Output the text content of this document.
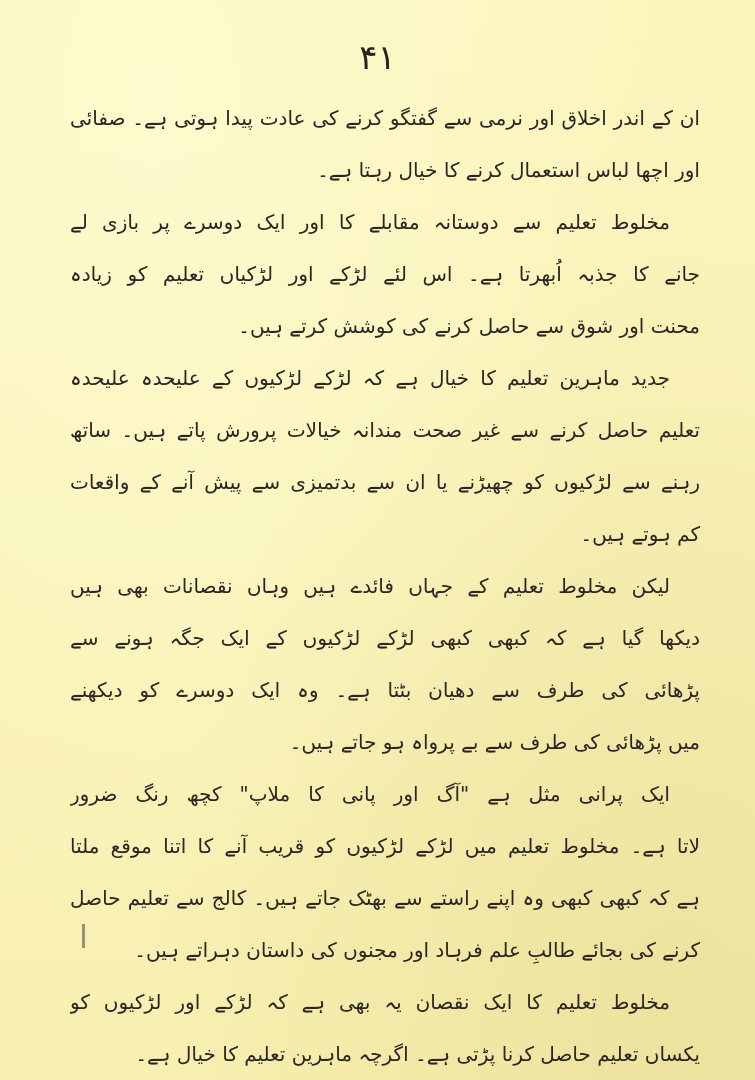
۴۱
ان کے اندر اخلاق اور نرمی سے گفتگو کرنے کی عادت پیدا ہوتی ہے۔ صفائی
اور اچھا لباس استعمال کرنے کا خیال رہتا ہے۔
مخلوط تعلیم سے دوستانہ مقابلے کا اور ایک دوسرے پر بازی لے
جانے کا جذبہ اُبھرتا ہے۔ اس لئے لڑکے اور لڑکیاں تعلیم کو زیادہ
محنت اور شوق سے حاصل کرنے کی کوشش کرتے ہیں۔
جدید ماہرین تعلیم کا خیال ہے کہ لڑکے لڑکیوں کے علیحدہ علیحدہ
تعلیم حاصل کرنے سے غیر صحت مندانہ خیالات پرورش پاتے ہیں۔ ساتھ
رہنے سے لڑکیوں کو چھیڑنے یا ان سے بدتمیزی سے پیش آنے کے واقعات
کم ہوتے ہیں۔
لیکن مخلوط تعلیم کے جہاں فائدے ہیں وہاں نقصانات بھی ہیں
دیکھا گیا ہے کہ کبھی کبھی لڑکے لڑکیوں کے ایک جگہ ہونے سے
پڑھائی کی طرف سے دھیان بٹتا ہے۔ وہ ایک دوسرے کو دیکھنے
میں پڑھائی کی طرف سے بے پرواہ ہو جاتے ہیں۔
ایک پرانی مثل ہے "آگ اور پانی کا ملاپ" کچھ رنگ ضرور
لاتا ہے۔ مخلوط تعلیم میں لڑکے لڑکیوں کو قریب آنے کا اتنا موقع ملتا
ہے کہ کبھی کبھی وہ اپنے راستے سے بھٹک جاتے ہیں۔ کالج سے تعلیم حاصل
کرنے کی بجائے طالبِ علم فرہاد اور مجنوں کی داستان دہراتے ہیں۔
مخلوط تعلیم کا ایک نقصان یہ بھی ہے کہ لڑکے اور لڑکیوں کو
یکساں تعلیم حاصل کرنا پڑتی ہے۔ اگرچہ ماہرین تعلیم کا خیال ہے۔
